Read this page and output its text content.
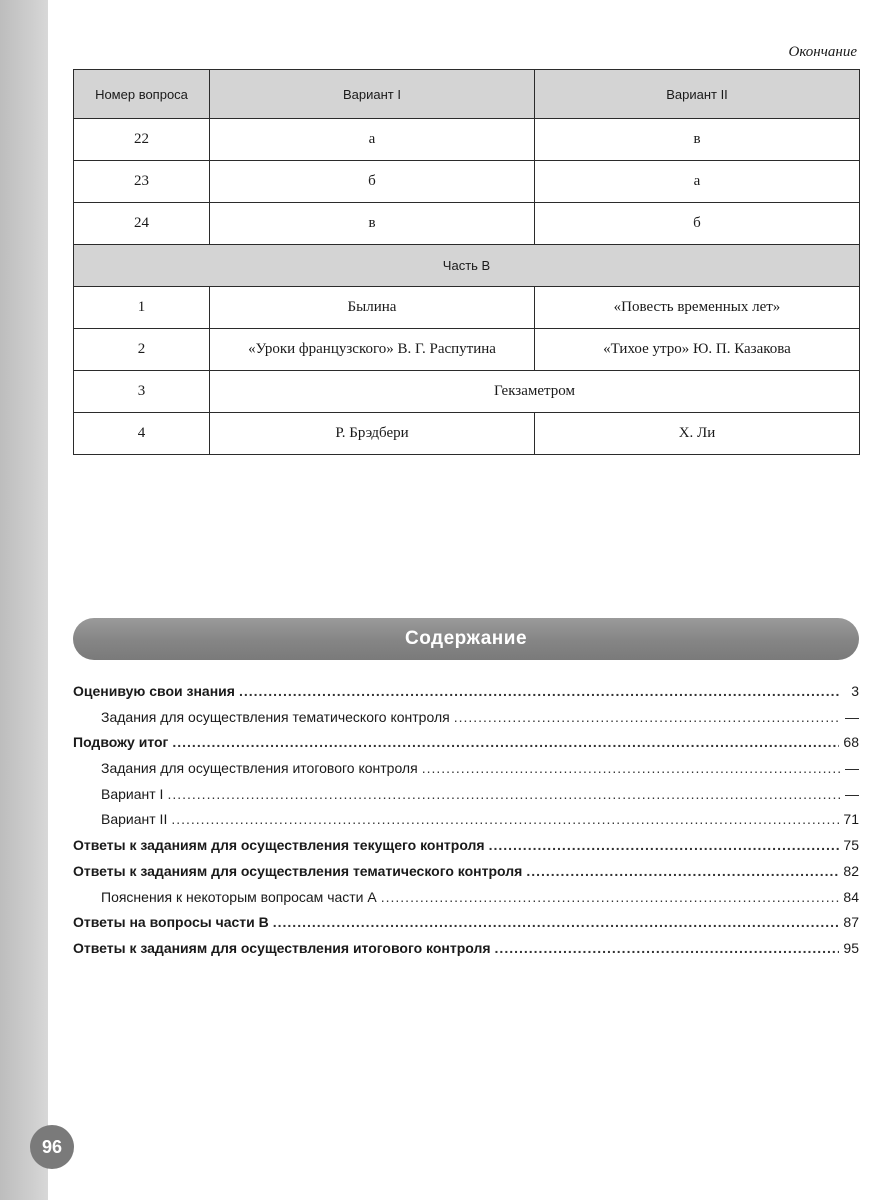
Окончание
Номер вопроса	Вариант I	Вариант II
22	а	в
23	б	а
24	в	б
Часть В		
1	Былина	«Повесть временных лет»
2	«Уроки французского» В. Г. Распутина	«Тихое утро» Ю. П. Казакова
3	Гекзаметром	
4	Р. Брэдбери	Х. Ли
Содержание
Оценивую свои знания .....	3
Задания для осуществления тематического контроля .....	—
Подвожу итог .....	68
Задания для осуществления итогового контроля .....	—
Вариант I .....	—
Вариант II .....	71
Ответы к заданиям для осуществления текущего контроля .....	75
Ответы к заданиям для осуществления тематического контроля .....	82
Пояснения к некоторым вопросам части А .....	84
Ответы на вопросы части В .....	87
Ответы к заданиям для осуществления итогового контроля .....	95
96
